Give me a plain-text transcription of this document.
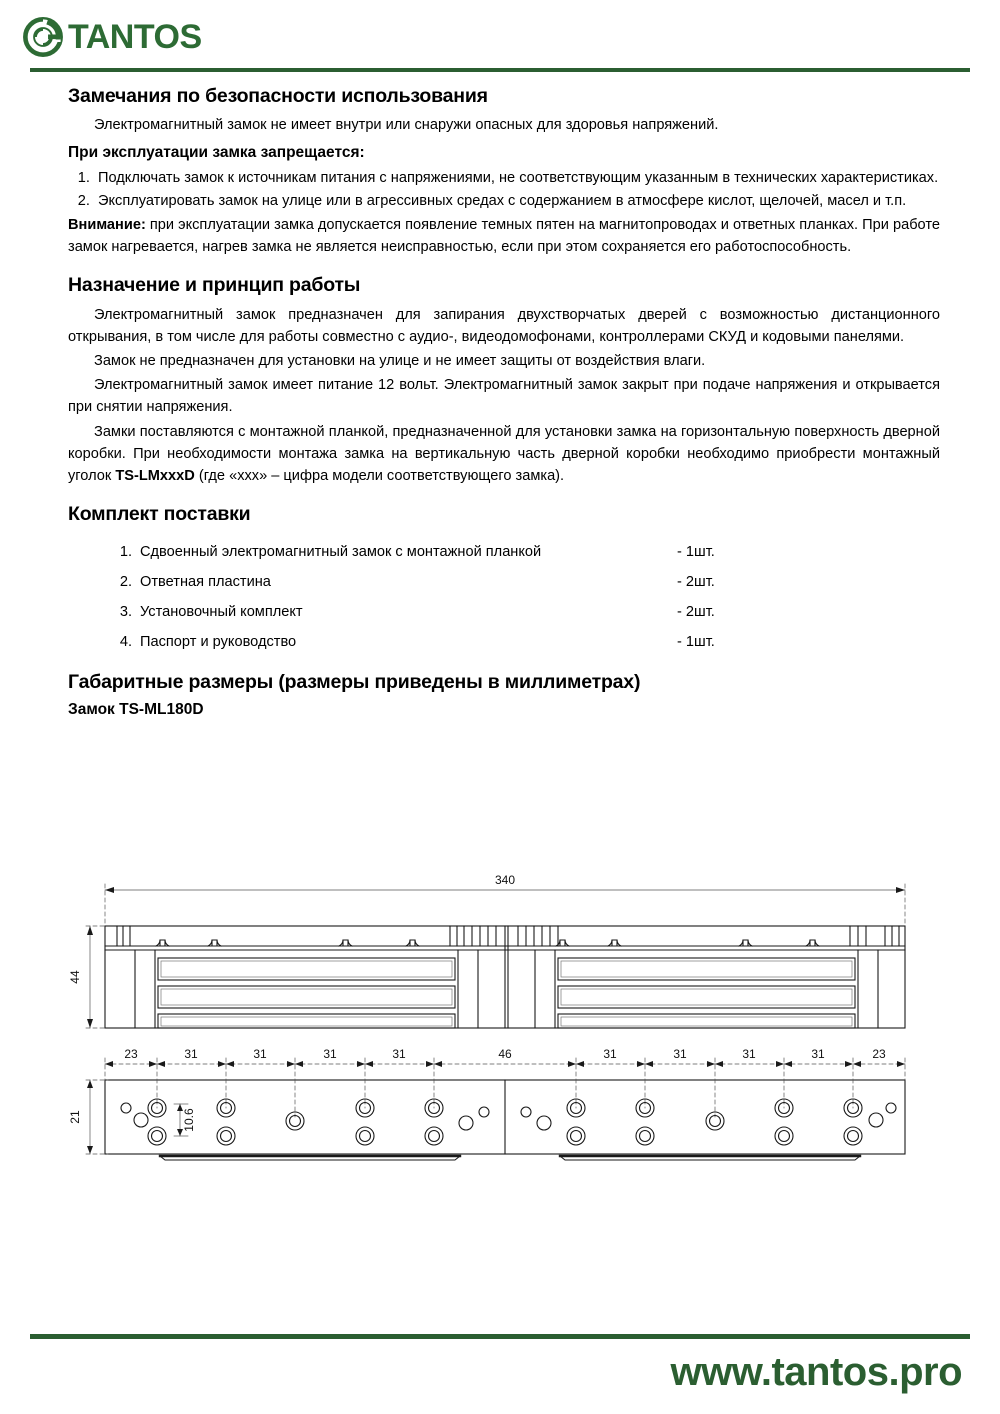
TANTOS
Замечания по безопасности использования

Электромагнитный замок не имеет внутри или снаружи опасных для здоровья напряжений.

При эксплуатации замка запрещается:
1. Подключать замок к источникам питания с напряжениями, не соответствующим указанным в технических характеристиках.
2. Эксплуатировать замок на улице или в агрессивных средах с содержанием в атмосфере кислот, щелочей, масел и т.п.

Внимание: при эксплуатации замка допускается появление темных пятен на магнитопроводах и ответных планках. При работе замок нагревается, нагрев замка не является неисправностью, если при этом сохраняется его работоспособность.

Назначение и принцип работы

Электромагнитный замок предназначен для запирания двухстворчатых дверей с возможностью дистанционного открывания, в том числе для работы совместно с аудио-, видеодомофонами, контроллерами СКУД и кодовыми панелями.

Замок не предназначен для установки на улице и не имеет защиты от воздействия влаги.

Электромагнитный замок имеет питание 12 вольт. Электромагнитный замок закрыт при подаче напряжения и открывается при снятии напряжения.

Замки поставляются с монтажной планкой, предназначенной для установки замка на горизонтальную поверхность дверной коробки. При необходимости монтажа замка на вертикальную часть дверной коробки необходимо приобрести монтажный уголок TS-LMxxxD (где «ххх» – цифра модели соответствующего замка).

Комплект поставки
Сдвоенный электромагнитный замок с монтажной планкой	- 1шт.
Ответная пластина	- 2шт.
Установочный комплект	- 2шт.
Паспорт и руководство	- 1шт.
Габаритные размеры (размеры приведены в миллиметрах)
Замок TS-ML180D
340
23	31	31	31	31	46	31	31	31	31	23
44
21	10.6
www.tantos.pro
